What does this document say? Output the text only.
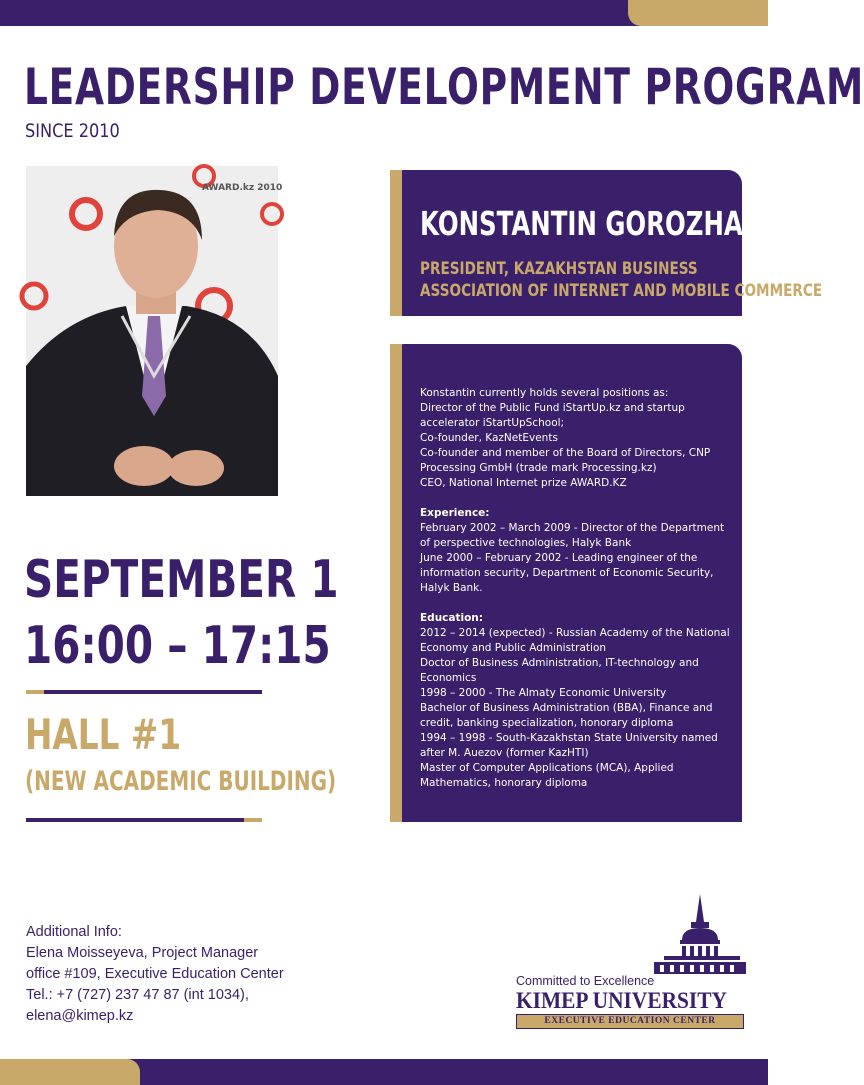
LEADERSHIP DEVELOPMENT PROGRAM
SINCE 2010
AWARD.kz 2010
KONSTANTIN GOROZHANKIN
PRESIDENT, KAZAKHSTAN BUSINESS
ASSOCIATION OF INTERNET AND MOBILE COMMERCE

Konstantin currently holds several positions as:

Director of the Public Fund iStartUp.kz and startup accelerator iStartUpSchool;

Co-founder, KazNetEvents

Co-founder and member of the Board of Directors, CNP Processing GmbH (trade mark Processing.kz)

CEO, National Internet prize AWARD.KZ

Experience:

February 2002 – March 2009 - Director of the Department of perspective technologies, Halyk Bank

June 2000 – February 2002 - Leading engineer of the information security, Department of Economic Security, Halyk Bank.

Education:

2012 – 2014 (expected) - Russian Academy of the National Economy and Public Administration

Doctor of Business Administration, IT-technology and Economics

1998 – 2000 - The Almaty Economic University

Bachelor of Business Administration (BBA), Finance and credit, banking specialization, honorary diploma

1994 – 1998 - South-Kazakhstan State University named after M. Auezov (former KazHTI)

Master of Computer Applications (MCA), Applied Mathematics, honorary diploma

SEPTEMBER 1
16:00 – 17:15
HALL #1
(NEW ACADEMIC BUILDING)
Additional Info:
Elena Moisseyeva, Project Manager
office #109, Executive Education Center
Tel.: +7 (727) 237 47 87 (int 1034),
elena@kimep.kz
Committed to Excellence
KIMEP UNIVERSITY
EXECUTIVE EDUCATION CENTER
